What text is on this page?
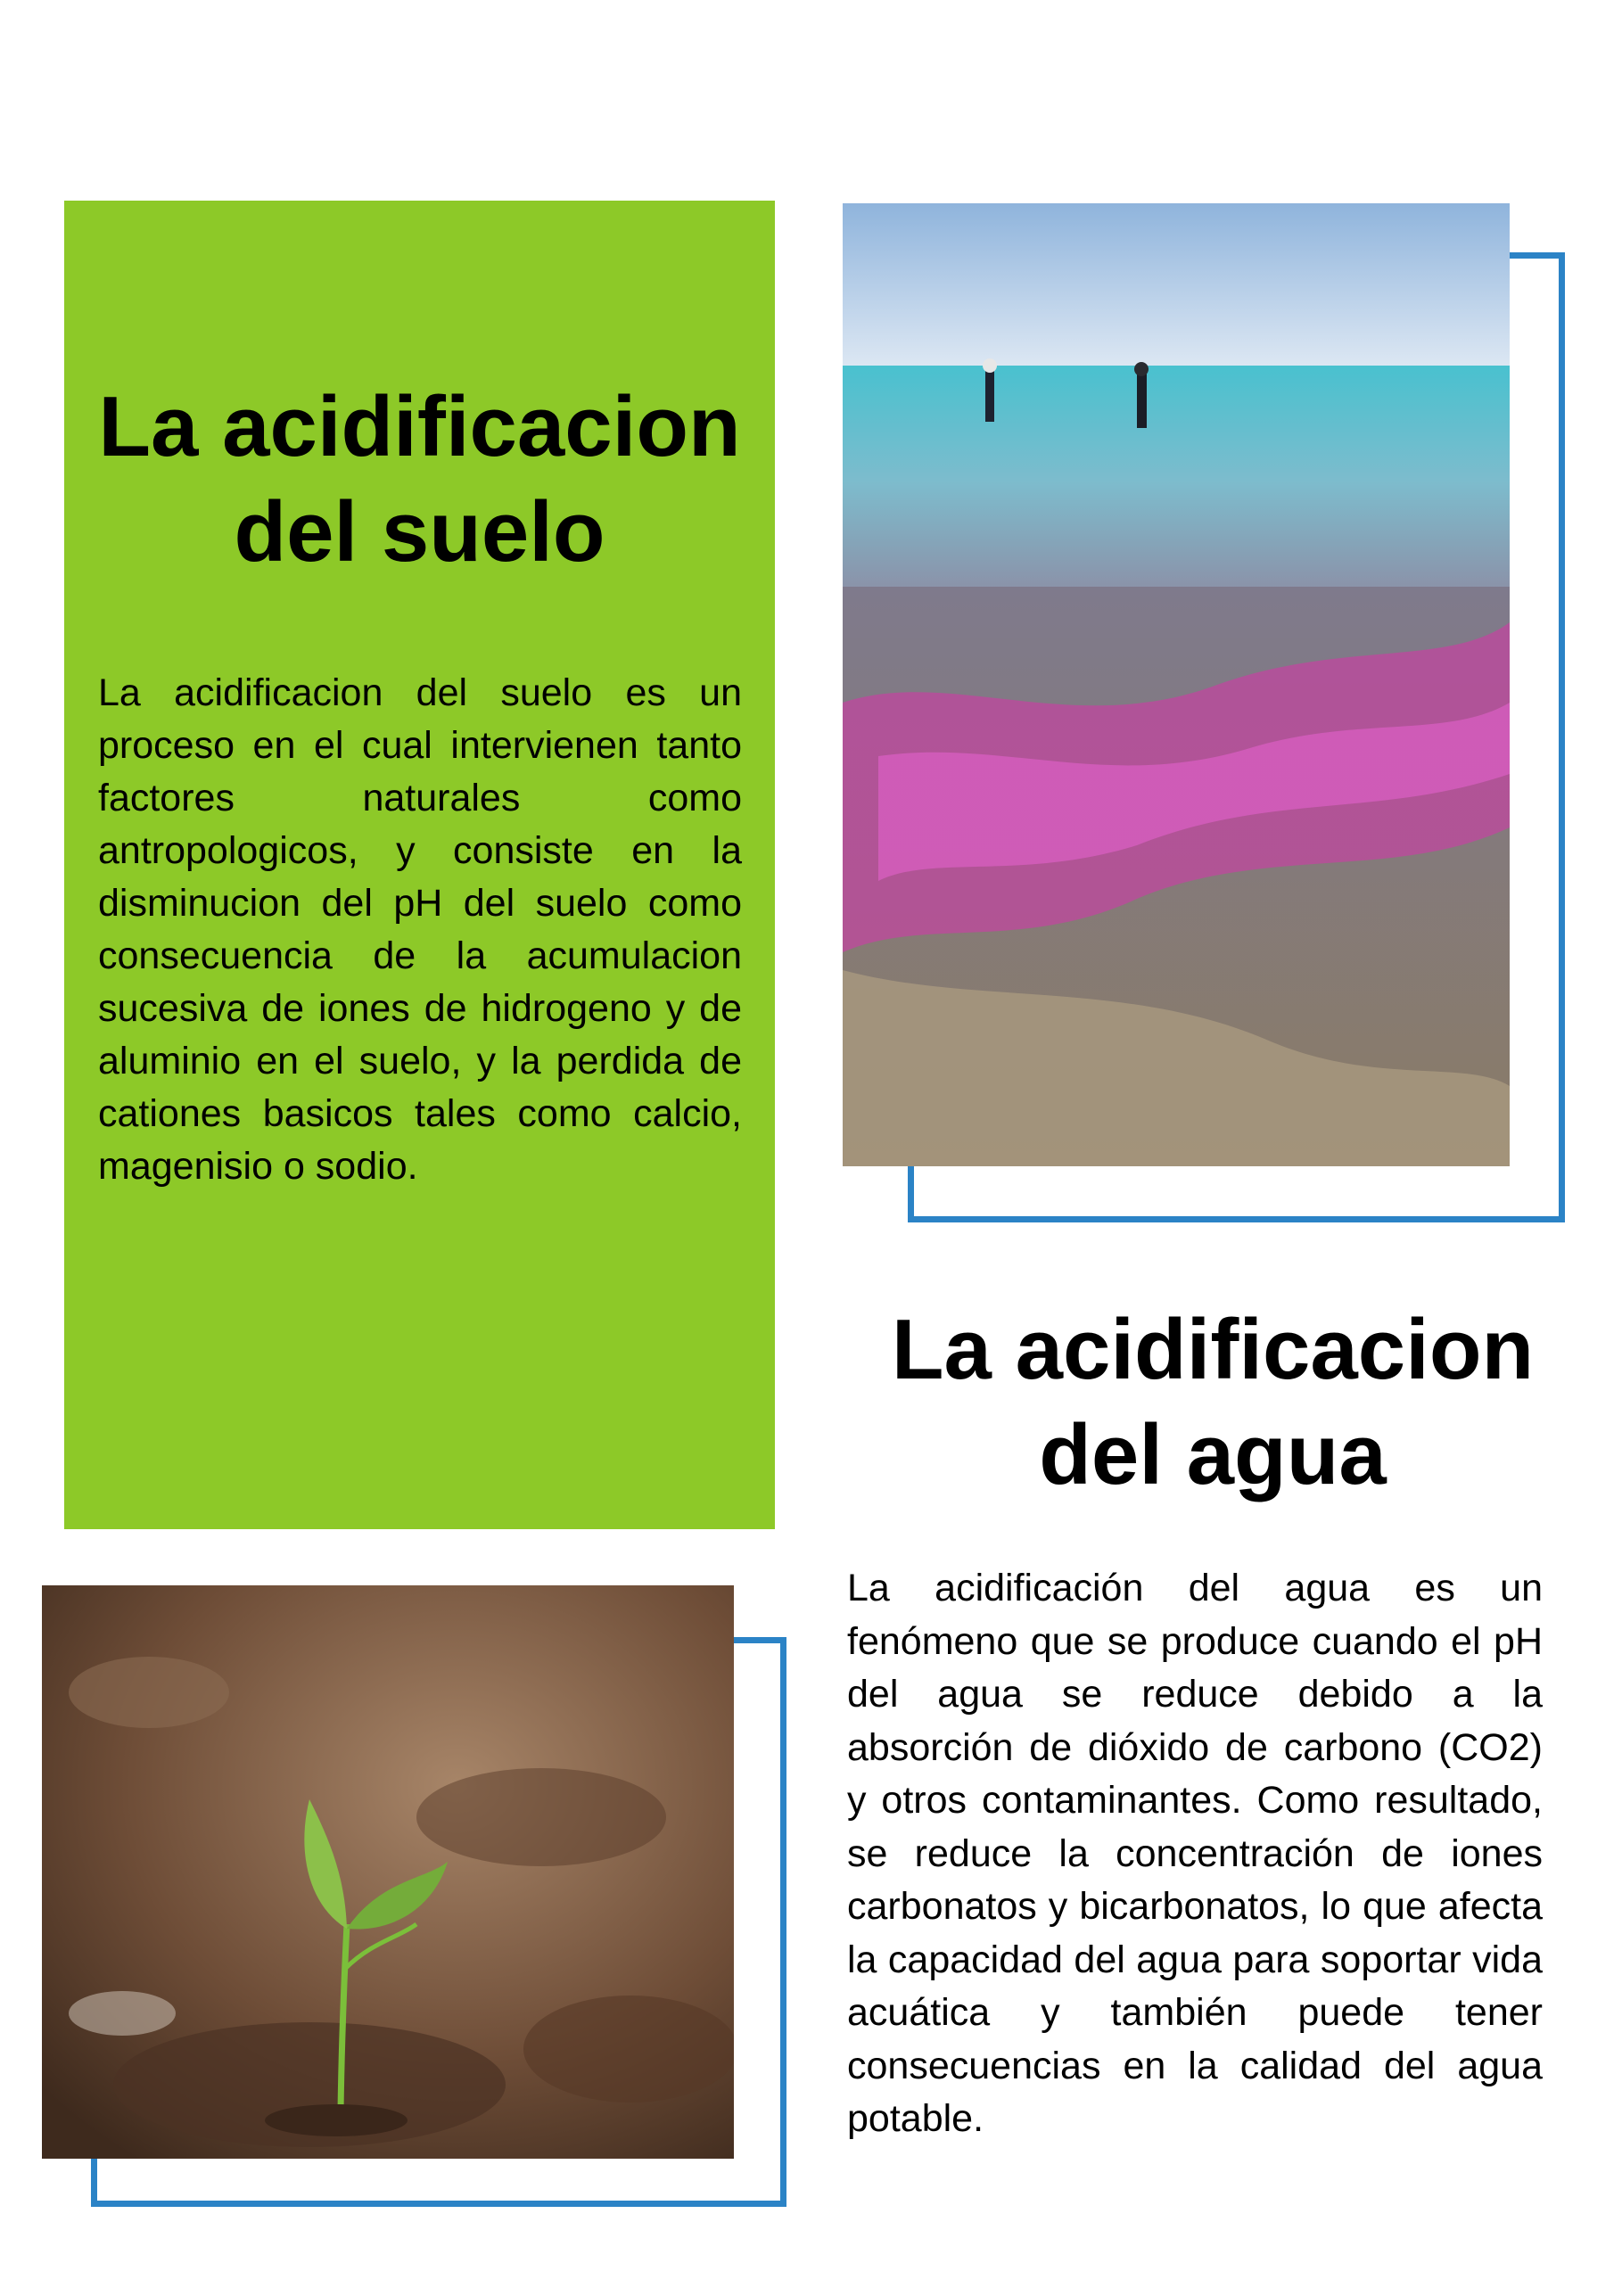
La acidificacion
del suelo

La acidificacion del suelo es un proceso en el cual intervienen tanto factores naturales como antropologicos, y consiste en la disminucion del pH del suelo como consecuencia de la acumulacion sucesiva de iones de hidrogeno y de aluminio en el suelo, y la perdida de cationes basicos tales como calcio, magenisio o sodio.

La acidificacion
del agua

La acidificación del agua es un fenómeno que se produce cuando el pH del agua se reduce debido a la absorción de dióxido de carbono (CO2) y otros contaminantes. Como resultado, se reduce la concentración de iones carbonatos y bicarbonatos, lo que afecta la capacidad del agua para soportar vida acuática y también puede tener consecuencias en la calidad del agua potable.
